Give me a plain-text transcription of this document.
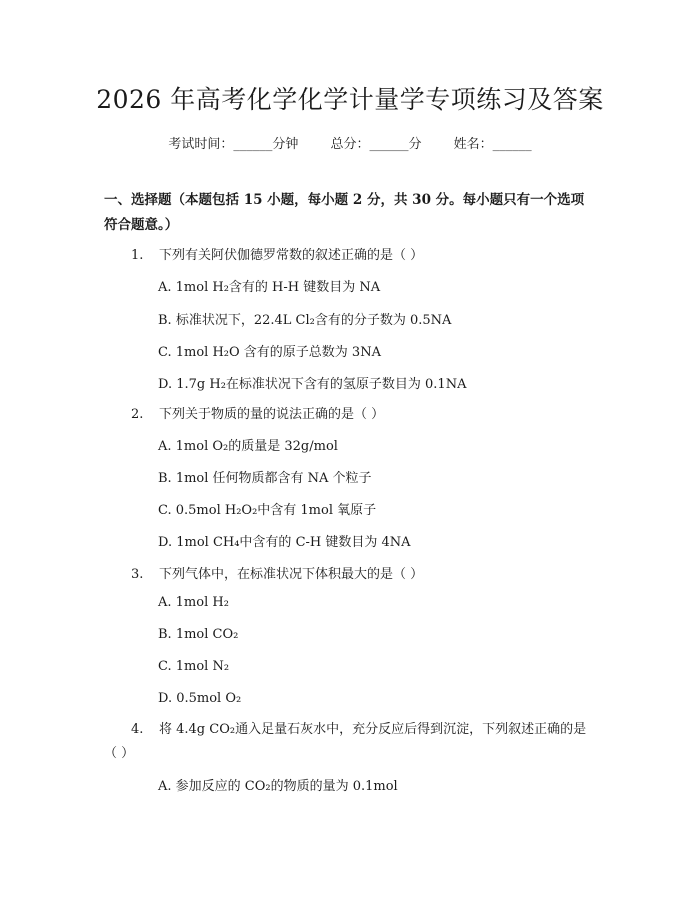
2026 年高考化学化学计量学专项练习及答案
考试时间：______分钟 总分：______分 姓名：______
一、选择题（本题包括 15 小题，每小题 2 分，共 30 分。每小题只有一个选项符合题意。）
1. 下列有关阿伏伽德罗常数的叙述正确的是（ ）
A. 1mol H₂含有的 H-H 键数目为 NA
B. 标准状况下，22.4L Cl₂含有的分子数为 0.5NA
C. 1mol H₂O 含有的原子总数为 3NA
D. 1.7g H₂在标准状况下含有的氢原子数目为 0.1NA
2. 下列关于物质的量的说法正确的是（ ）
A. 1mol O₂的质量是 32g/mol
B. 1mol 任何物质都含有 NA 个粒子
C. 0.5mol H₂O₂中含有 1mol 氧原子
D. 1mol CH₄中含有的 C-H 键数目为 4NA
3. 下列气体中，在标准状况下体积最大的是（ ）
A. 1mol H₂
B. 1mol CO₂
C. 1mol N₂
D. 0.5mol O₂
4. 将 4.4g CO₂通入足量石灰水中，充分反应后得到沉淀，下列叙述正确的是（ ）
A. 参加反应的 CO₂的物质的量为 0.1mol
